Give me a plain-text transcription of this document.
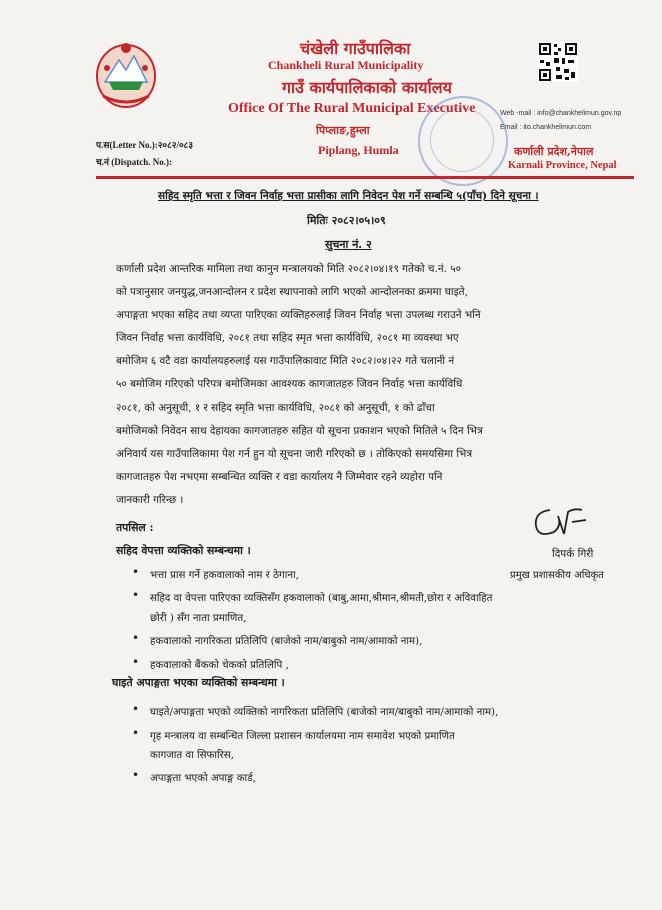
चंखेली गाउँपालिका
Chankheli Rural Municipality
गाउँ कार्यपालिकाको कार्यालय
Office Of The Rural Municipal Executive
पिप्लाङ,हुम्ला
Piplang, Humla
Web -mail : info@chankhelimun.gov.np
Email : ito.chankhelimun.com
कर्णाली प्रदेश,नेपाल
Karnali Province, Nepal
प.स(Letter No.):२०८२/०८३
च.नं (Dispatch. No.):
सहिद स्मृति भत्ता र जिवन निर्वाह भत्ता प्रासीका लागि निवेदन पेश गर्ने सम्बन्धि ५(पाँच) दिने सूचना ।
मितिः २०८२।०५।०९
सुचना नं. २
कर्णाली प्रदेश आन्तरिक मामिला तथा कानुन मन्त्रालयको मिति २०८२।०४।१९ गतेको च.नं. ५०
को पत्रानुसार जनयुद्ध,जनआन्दोलन र प्रदेश स्थापनाको लागि भएको आन्दोलनका क्रममा घाइते,
अपाङ्गता भएका सहिद तथा व्यप्ता पारिएका व्यक्तिहरुलाई जिवन निर्वाह भत्ता उपलब्ध गराउने भनि
जिवन निर्वाह भत्ता कार्यविधि, २०८१ तथा सहिद स्मृत भत्ता कार्यविधि, २०८१ मा व्यवस्था भए
बमोजिम ६ वटै वडा कार्यालयहरुलाई यस गाउँपालिकावाट मिति २०८२।०४।२२ गते चलानी नं
५० बमोजिम गरिएको परिपत्र बमोजिमका आवश्यक कागजातहरु जिवन निर्वाह भत्ता कार्यविधि
२०८१, को अनुसूची, १ र सहिद स्मृति भत्ता कार्यविधि, २०८१ को अनुसूची, १ को ढाँचा
बमोजिमको निवेदन साथ देहायका कागजातहरु सहित यो सूचना प्रकाशन भएको मितिले ५ दिन भित्र
अनिवार्य यस गाउँपालिकामा पेश गर्न हुन यो सूचना जारी गरिएको छ । तोकिएको समयसिमा भित्र
कागजातहरु पेश नभएमा सम्बन्धित व्यक्ति र वडा कार्यालय नै जिम्मेवार रहने व्यहोरा पनि
जानकारी गरिन्छ ।
तपसिल :
सहिद वेपत्ता व्यक्तिको सम्बन्धमा ।	दिपर्क गिरी
प्रमुख प्रशासकीय अधिकृत
• भत्ता प्रास गर्ने हकवालाको नाम र ठेगाना,
• सहिद वा वेपत्ता पारिएका व्यक्तिसँग हकवालाको (बाबु,आमा,श्रीमान,श्रीमती,छोरा र अविवाहित
छोरी ) सँग नाता प्रमाणित,
• हकवालाको नागरिकता प्रतिलिपि (बाजेको नाम/बाबुको नाम/आमाको नाम),
• हकवालाको बैंकको चेकको प्रतिलिपि ,
घाइते अपाङ्गता भएका व्यक्तिको सम्बन्धमा ।
• घाइते/अपाङ्गता भएको व्यक्तिको नागरिकता प्रतिलिपि (बाजेको नाम/बाबुको नाम/आमाको नाम),
• गृह मन्त्रालय वा सम्बन्धित जिल्ला प्रशासन कार्यालयमा नाम समावेश भएको प्रमाणित
कागजात वा सिफारिस,
• अपाङ्गता भएको अपाङ्ग कार्ड,
